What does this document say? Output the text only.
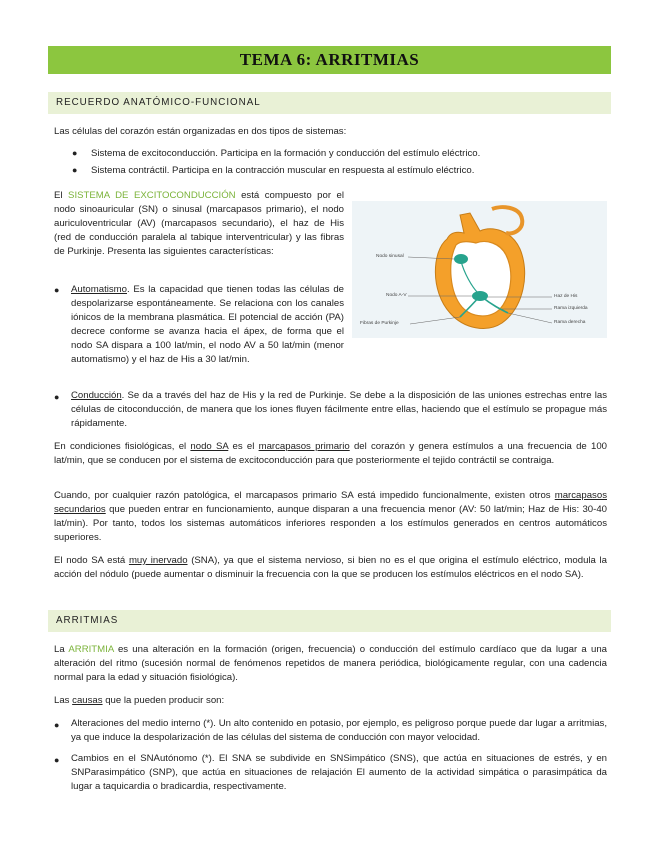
TEMA 6: ARRITMIAS
RECUERDO ANATÓMICO-FUNCIONAL
Las células del corazón están organizadas en dos tipos de sistemas:
●	Sistema de excitoconducción. Participa en la formación y conducción del estímulo eléctrico.
●	Sistema contráctil. Participa en la contracción muscular en respuesta al estímulo eléctrico.
El SISTEMA DE EXCITOCONDUCCIÓN está compuesto por el nodo sinoauricular (SN) o sinusal (marcapasos primario), el nodo auriculoventricular (AV) (marcapasos secundario), el haz de His (red de conducción paralela al tabique interventricular) y las fibras de Purkinje. Presenta las siguientes características:
●	Automatismo. Es la capacidad que tienen todas las células de despolarizarse espontáneamente. Se relaciona con los canales iónicos de la membrana plasmática. El potencial de acción (PA) decrece conforme se avanza hacia el ápex, de forma que el nodo SA dispara a 100 lat/min, el nodo AV a 50 lat/min (menor automatismo) y el haz de His a 30 lat/min.
Nodo sinusal
Nodo A-V
Fibras de Purkinje
Haz de His
Rama izquierda
Rama derecha
●	Conducción. Se da a través del haz de His y la red de Purkinje. Se debe a la disposición de las uniones estrechas entre las células de citoconducción, de manera que los iones fluyen fácilmente entre ellas, haciendo que el estímulo se propague más rápidamente.
En condiciones fisiológicas, el nodo SA es el marcapasos primario del corazón y genera estímulos a una frecuencia de 100 lat/min, que se conducen por el sistema de excitoconducción para que posteriormente el tejido contráctil se contraiga.
Cuando, por cualquier razón patológica, el marcapasos primario SA está impedido funcionalmente, existen otros marcapasos secundarios que pueden entrar en funcionamiento, aunque disparan a una frecuencia menor (AV: 50 lat/min; Haz de His: 30-40 lat/min). Por tanto, todos los sistemas automáticos inferiores responden a los estímulos generados en centros automáticos superiores.
El nodo SA está muy inervado (SNA), ya que el sistema nervioso, si bien no es el que origina el estímulo eléctrico, modula la acción del nódulo (puede aumentar o disminuir la frecuencia con la que se producen los estímulos eléctricos en el nodo SA).
ARRITMIAS
La ARRITMIA es una alteración en la formación (origen, frecuencia) o conducción del estímulo cardíaco que da lugar a una alteración del ritmo (sucesión normal de fenómenos repetidos de manera periódica, biológicamente regular, con una cadencia normal para la edad y situación fisiológica).
Las causas que la pueden producir son:
●	Alteraciones del medio interno (*). Un alto contenido en potasio, por ejemplo, es peligroso porque puede dar lugar a arritmias, ya que induce la despolarización de las células del sistema de conducción con mayor velocidad.
●	Cambios en el SNAutónomo (*). El SNA se subdivide en SNSimpático (SNS), que actúa en situaciones de estrés, y en SNParasimpático (SNP), que actúa en situaciones de relajación El aumento de la actividad simpática o parasimpática da lugar a taquicardia o bradicardia, respectivamente.
